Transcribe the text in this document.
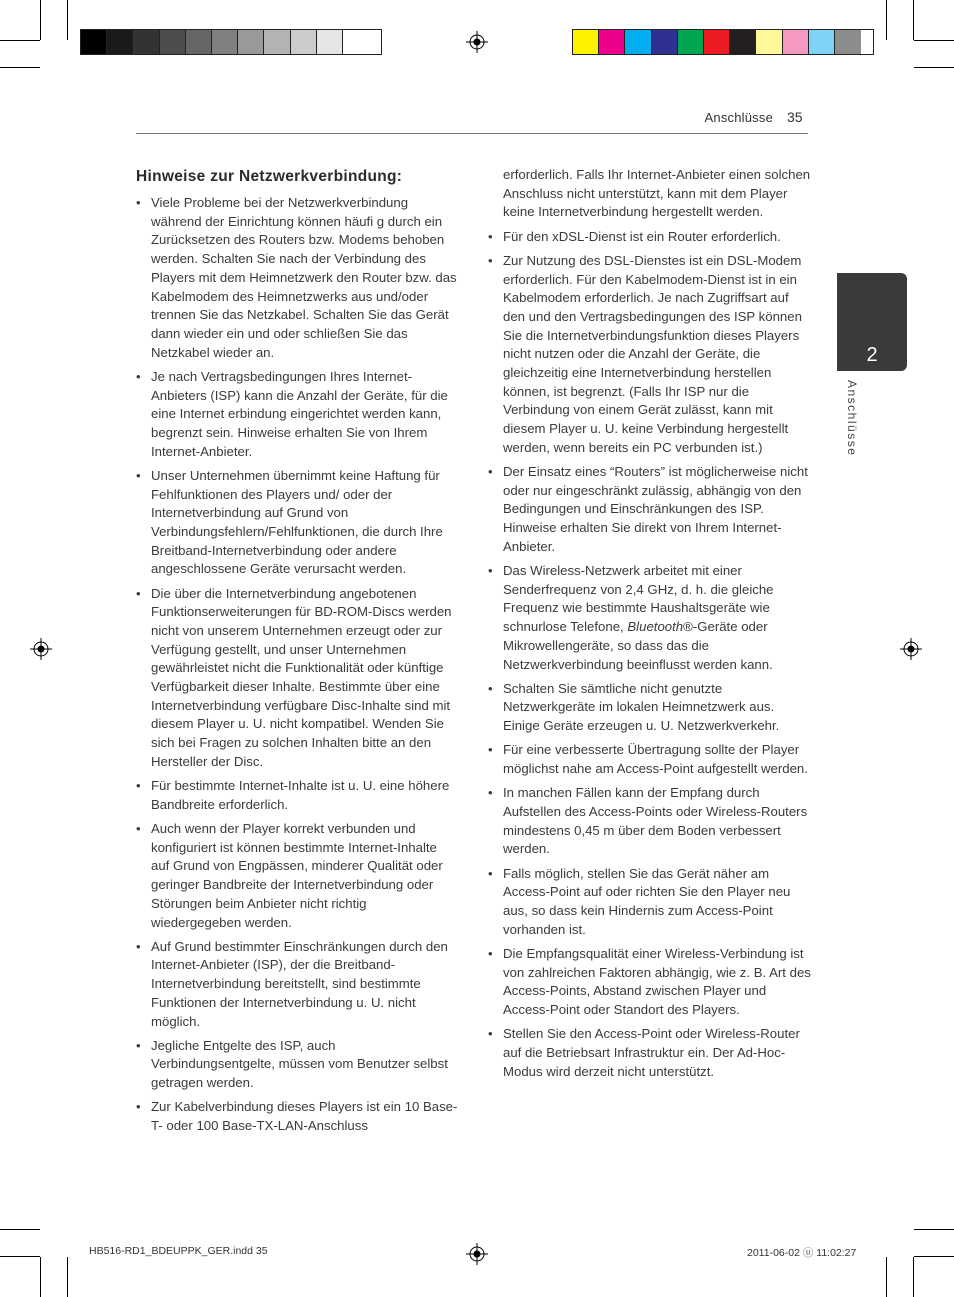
Anschlüsse 35
2
Anschlüsse
Hinweise zur Netzwerkverbindung:
• Viele Probleme bei der Netzwerkverbindung während der Einrichtung können häufi g durch ein Zurücksetzen des Routers bzw. Modems behoben werden. Schalten Sie nach der Verbindung des Players mit dem Heimnetzwerk den Router bzw. das Kabelmodem des Heimnetzwerks aus und/oder trennen Sie das Netzkabel. Schalten Sie das Gerät dann wieder ein und oder schließen Sie das Netzkabel wieder an.
• Je nach Vertragsbedingungen Ihres Internet-Anbieters (ISP) kann die Anzahl der Geräte, für die eine Internet erbindung eingerichtet werden kann, begrenzt sein. Hinweise erhalten Sie von Ihrem Internet-Anbieter.
• Unser Unternehmen übernimmt keine Haftung für Fehlfunktionen des Players und/ oder der Internetverbindung auf Grund von Verbindungsfehlern/Fehlfunktionen, die durch Ihre Breitband-Internetverbindung oder andere angeschlossene Geräte verursacht werden.
• Die über die Internetverbindung angebotenen Funktionserweiterungen für BD-ROM-Discs werden nicht von unserem Unternehmen erzeugt oder zur Verfügung gestellt, und unser Unternehmen gewährleistet nicht die Funktionalität oder künftige Verfügbarkeit dieser Inhalte. Bestimmte über eine Internetverbindung verfügbare Disc-Inhalte sind mit diesem Player u. U. nicht kompatibel. Wenden Sie sich bei Fragen zu solchen Inhalten bitte an den Hersteller der Disc.
• Für bestimmte Internet-Inhalte ist u. U. eine höhere Bandbreite erforderlich.
• Auch wenn der Player korrekt verbunden und konfiguriert ist können bestimmte Internet-Inhalte auf Grund von Engpässen, minderer Qualität oder geringer Bandbreite der Internetverbindung oder Störungen beim Anbieter nicht richtig wiedergegeben werden.
• Auf Grund bestimmter Einschränkungen durch den Internet-Anbieter (ISP), der die Breitband-Internetverbindung bereitstellt, sind bestimmte Funktionen der Internetverbindung u. U. nicht möglich.
• Jegliche Entgelte des ISP, auch Verbindungsentgelte, müssen vom Benutzer selbst getragen werden.
• Zur Kabelverbindung dieses Players ist ein 10 Base-T- oder 100 Base-TX-LAN-Anschluss
erforderlich. Falls Ihr Internet-Anbieter einen solchen Anschluss nicht unterstützt, kann mit dem Player keine Internetverbindung hergestellt werden.
• Für den xDSL-Dienst ist ein Router erforderlich.
• Zur Nutzung des DSL-Dienstes ist ein DSL-Modem erforderlich. Für den Kabelmodem-Dienst ist in ein Kabelmodem erforderlich. Je nach Zugriffsart auf den und den Vertragsbedingungen des ISP können Sie die Internetverbindungsfunktion dieses Players nicht nutzen oder die Anzahl der Geräte, die gleichzeitig eine Internetverbindung herstellen können, ist begrenzt. (Falls Ihr ISP nur die Verbindung von einem Gerät zulässt, kann mit diesem Player u. U. keine Verbindung hergestellt werden, wenn bereits ein PC verbunden ist.)
• Der Einsatz eines “Routers” ist möglicherweise nicht oder nur eingeschränkt zulässig, abhängig von den Bedingungen und Einschränkungen des ISP. Hinweise erhalten Sie direkt von Ihrem Internet-Anbieter.
• Das Wireless-Netzwerk arbeitet mit einer Senderfrequenz von 2,4 GHz, d. h. die gleiche Frequenz wie bestimmte Haushaltsgeräte wie schnurlose Telefone, Bluetooth®-Geräte oder Mikrowellengeräte, so dass das die Netzwerkverbindung beeinflusst werden kann.
• Schalten Sie sämtliche nicht genutzte Netzwerkgeräte im lokalen Heimnetzwerk aus. Einige Geräte erzeugen u. U. Netzwerkverkehr.
• Für eine verbesserte Übertragung sollte der Player möglichst nahe am Access-Point aufgestellt werden.
• In manchen Fällen kann der Empfang durch Aufstellen des Access-Points oder Wireless-Routers mindestens 0,45 m über dem Boden verbessert werden.
• Falls möglich, stellen Sie das Gerät näher am Access-Point auf oder richten Sie den Player neu aus, so dass kein Hindernis zum Access-Point vorhanden ist.
• Die Empfangsqualität einer Wireless-Verbindung ist von zahlreichen Faktoren abhängig, wie z. B. Art des Access-Points, Abstand zwischen Player und Access-Point oder Standort des Players.
• Stellen Sie den Access-Point oder Wireless-Router auf die Betriebsart Infrastruktur ein. Der Ad-Hoc-Modus wird derzeit nicht unterstützt.
HB516-RD1_BDEUPPK_GER.indd 35	2011-06-02 ⓤ 11:02:27
